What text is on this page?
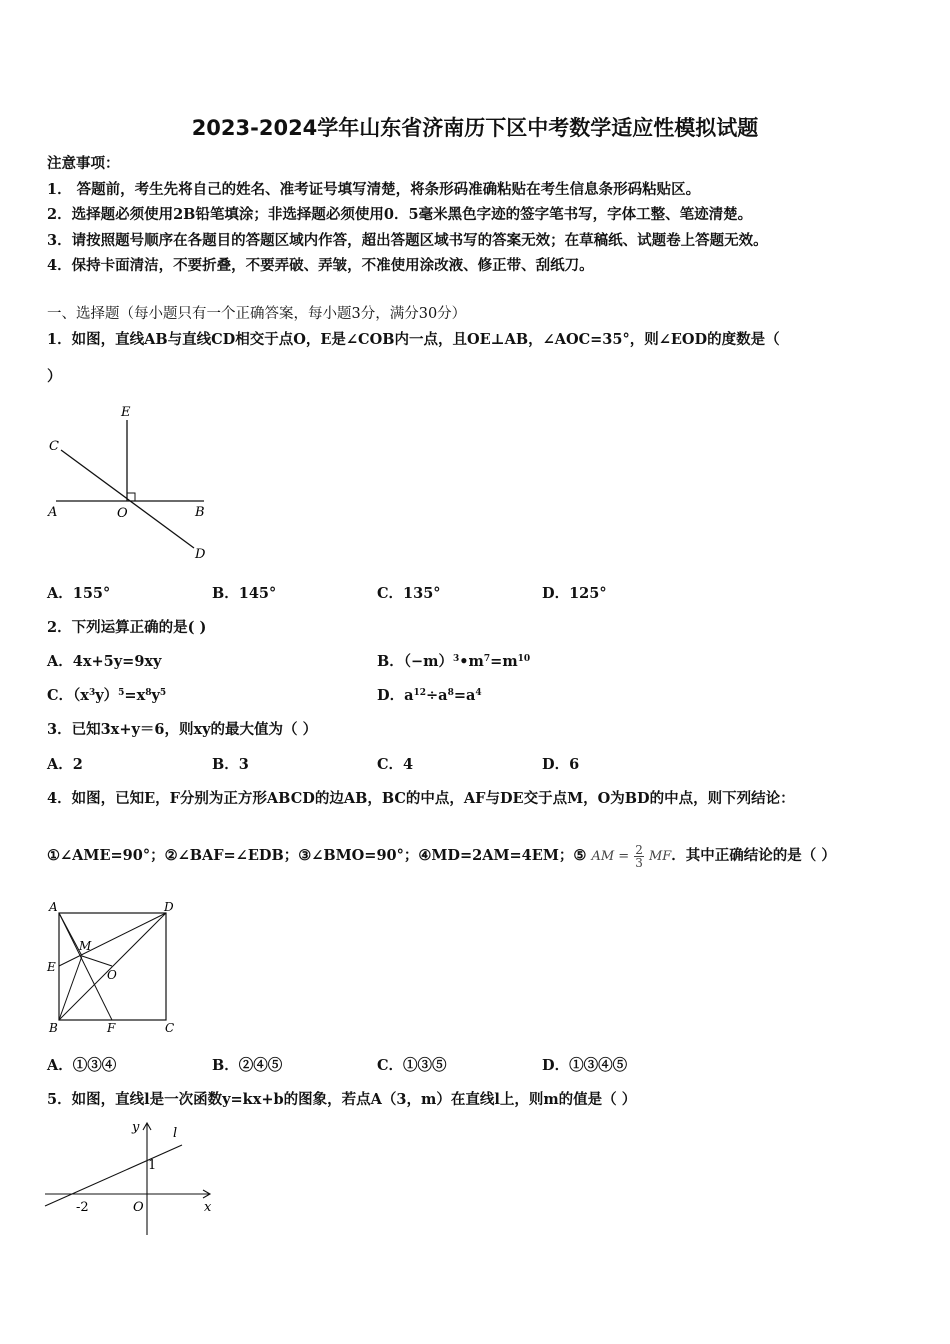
2023-2024学年山东省济南历下区中考数学适应性模拟试题
注意事项：
1． 答题前，考生先将自己的姓名、准考证号填写清楚，将条形码准确粘贴在考生信息条形码粘贴区。
2．选择题必须使用2B铅笔填涂；非选择题必须使用0．5毫米黑色字迹的签字笔书写，字体工整、笔迹清楚。
3．请按照题号顺序在各题目的答题区域内作答，超出答题区域书写的答案无效；在草稿纸、试题卷上答题无效。
4．保持卡面清洁，不要折叠，不要弄破、弄皱，不准使用涂改液、修正带、刮纸刀。
一、选择题（每小题只有一个正确答案，每小题3分，满分30分）
1．如图，直线AB与直线CD相交于点O，E是∠COB内一点，且OE⊥AB，∠AOC=35°，则∠EOD的度数是（
）
E
C
A	O	B
D
A．155°	B．145°	C．135°	D．125°
2．下列运算正确的是( )
A．4x+5y=9xy	B．$(-m)^3•m^7=m^{10}$
C．$(x^3y)^5=x^8y^5$	D．$a^{12}\div a^8=a^4$
3．已知3x+y＝6，则xy的最大值为（ ）
A．2	B．3	C．4	D．6
4．如图，已知E，F分别为正方形ABCD的边AB，BC的中点，AF与DE交于点M，O为BD的中点，则下列结论：
①∠AME=90°；②∠BAF=∠EDB；③∠BMO=90°；④MD=2AM=4EM；⑤ AM = $\frac{2}{3}$ MF．其中正确结论的是（ ）
A	D
E
M
O
B	F	C
A．①③④	B．②④⑤	C．①③⑤	D．①③④⑤
5．如图，直线l是一次函数y=kx+b的图象，若点A（3，m）在直线l上，则m的值是（ ）
y	l
1
-2	O	x
